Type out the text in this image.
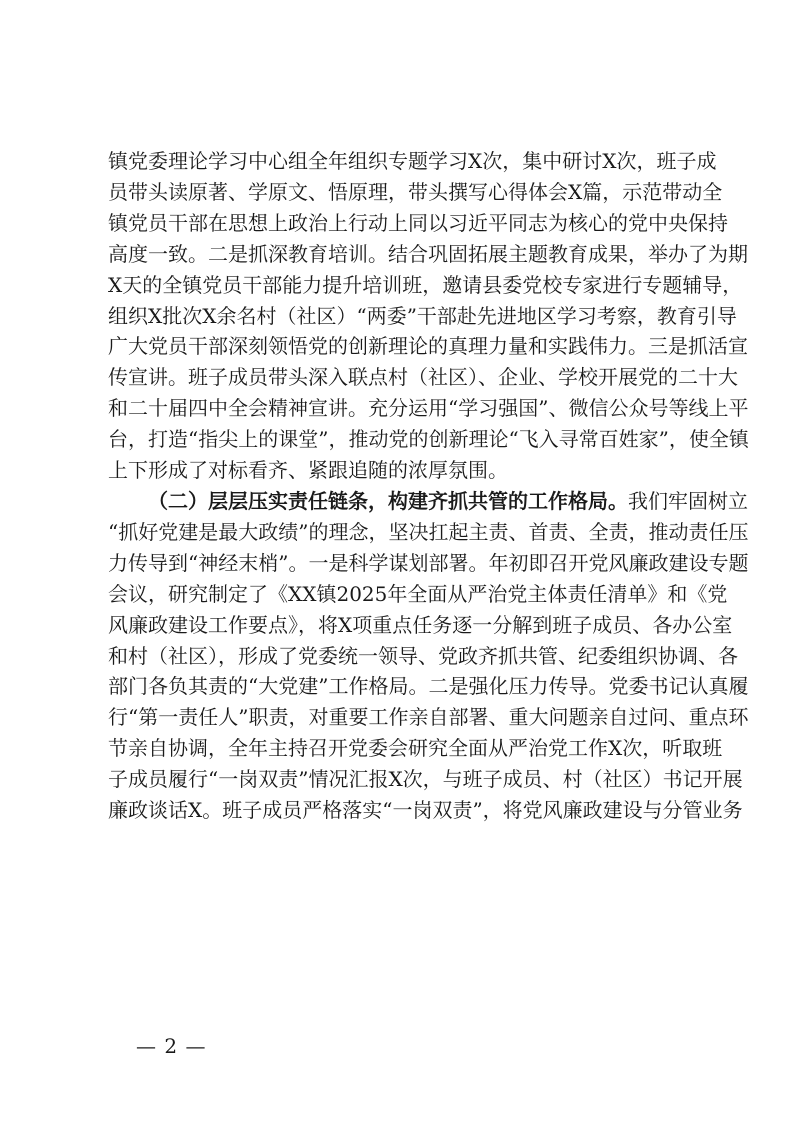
镇党委理论学习中心组全年组织专题学习X次，集中研讨X次，班子成
员带头读原著、学原文、悟原理，带头撰写心得体会X篇，示范带动全
镇党员干部在思想上政治上行动上同以习近平同志为核心的党中央保持
高度一致。二是抓深教育培训。结合巩固拓展主题教育成果，举办了为期
X天的全镇党员干部能力提升培训班，邀请县委党校专家进行专题辅导，
组织X批次X余名村（社区）“两委”干部赴先进地区学习考察，教育引导
广大党员干部深刻领悟党的创新理论的真理力量和实践伟力。三是抓活宣
传宣讲。班子成员带头深入联点村（社区）、企业、学校开展党的二十大
和二十届四中全会精神宣讲。充分运用“学习强国”、微信公众号等线上平
台，打造“指尖上的课堂”，推动党的创新理论“飞入寻常百姓家”，使全镇
上下形成了对标看齐、紧跟追随的浓厚氛围。
（二）层层压实责任链条，构建齐抓共管的工作格局。我们牢固树立
“抓好党建是最大政绩”的理念，坚决扛起主责、首责、全责，推动责任压
力传导到“神经末梢”。一是科学谋划部署。年初即召开党风廉政建设专题
会议，研究制定了《XX镇2025年全面从严治党主体责任清单》和《党
风廉政建设工作要点》，将X项重点任务逐一分解到班子成员、各办公室
和村（社区），形成了党委统一领导、党政齐抓共管、纪委组织协调、各
部门各负其责的“大党建”工作格局。二是强化压力传导。党委书记认真履
行“第一责任人”职责，对重要工作亲自部署、重大问题亲自过问、重点环
节亲自协调，全年主持召开党委会研究全面从严治党工作X次，听取班
子成员履行“一岗双责”情况汇报X次，与班子成员、村（社区）书记开展
廉政谈话X。班子成员严格落实“一岗双责”，将党风廉政建设与分管业务
— 2 —
